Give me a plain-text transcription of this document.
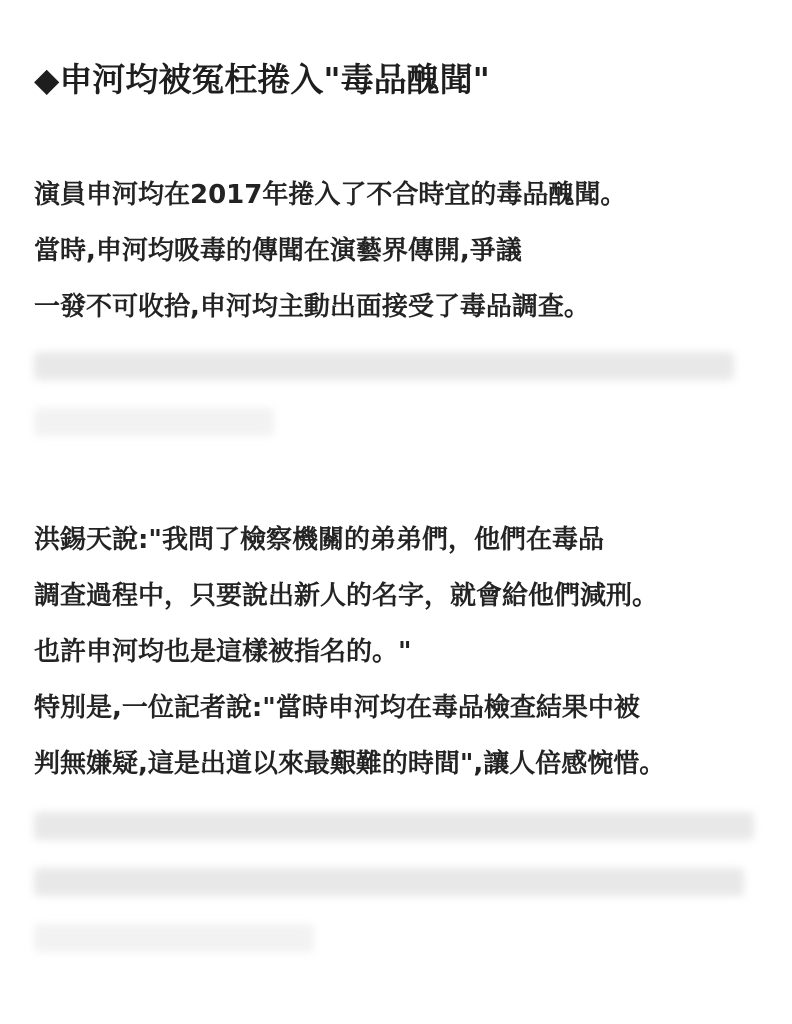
◆申河均被冤枉捲入"毒品醜聞"
演員申河均在2017年捲入了不合時宜的毒品醜聞。
當時,申河均吸毒的傳聞在演藝界傳開,爭議
一發不可收拾,申河均主動出面接受了毒品調查。
洪錫天說:"我問了檢察機關的弟弟們，他們在毒品
調查過程中，只要說出新人的名字，就會給他們減刑。
也許申河均也是這樣被指名的。"
特別是,一位記者說:"當時申河均在毒品檢查結果中被
判無嫌疑,這是出道以來最艱難的時間",讓人倍感惋惜。
